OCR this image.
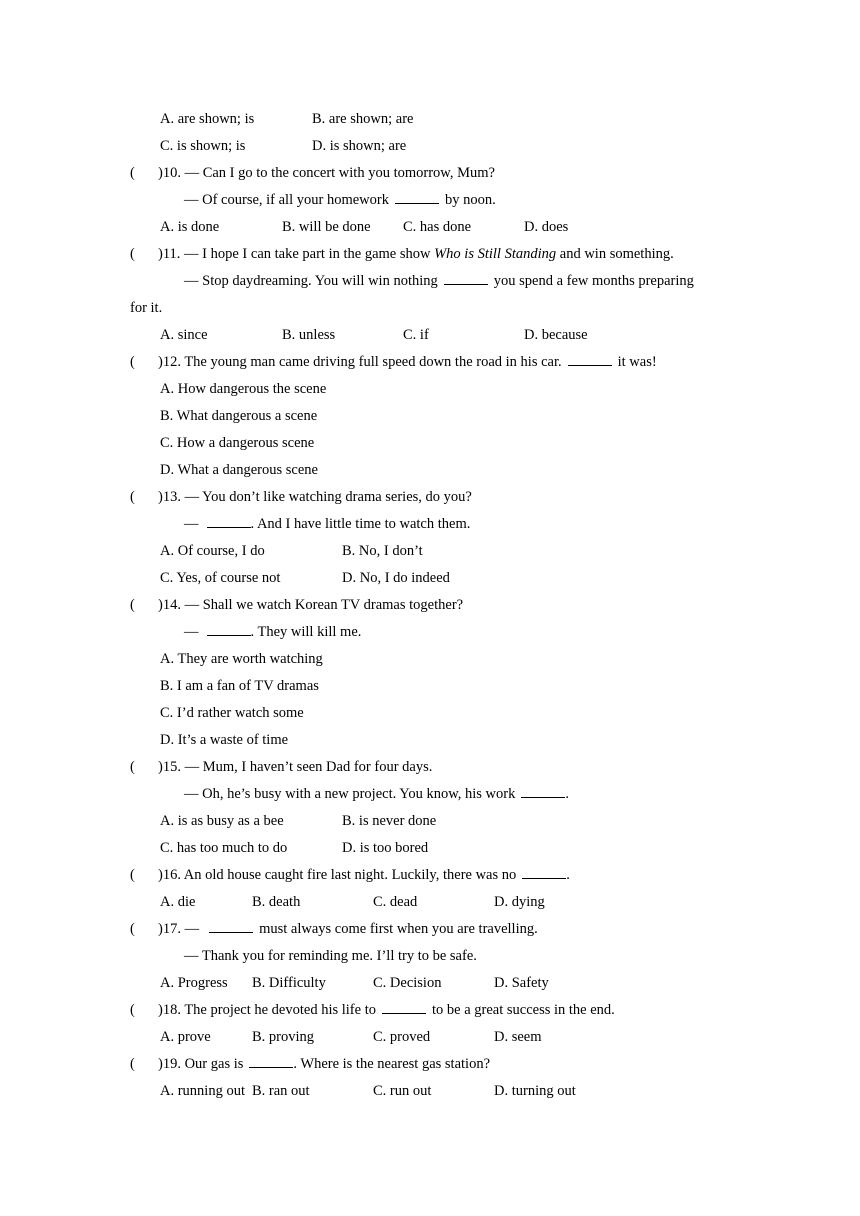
A. are shown; is	B. are shown; are
C. is shown; is	D. is shown; are
( )10. — Can I go to the concert with you tomorrow, Mum?
— Of course, if all your homework	by noon.
A. is done	B. will be done C. has done	D. does
( )11. — I hope I can take part in the game show Who is Still Standing and win something.
— Stop daydreaming. You will win nothing	you spend a few months preparing
for it.
A. since	B. unless	C. if	D. because
( )12. The young man came driving full speed down the road in his car.	it was!
A. How dangerous the scene
B. What dangerous a scene
C. How a dangerous scene
D. What a dangerous scene
( )13. — You don’t like watching drama series, do you?
—	. And I have little time to watch them.
A. Of course, I do	B. No, I don’t
C. Yes, of course not	D. No, I do indeed
( )14. — Shall we watch Korean TV dramas together?
—	. They will kill me.
A. They are worth watching
B. I am a fan of TV dramas
C. I’d rather watch some
D. It’s a waste of time
( )15. — Mum, I haven’t seen Dad for four days.
— Oh, he’s busy with a new project. You know, his work	.
A. is as busy as a bee	B. is never done
C. has too much to do	D. is too bored
( )16. An old house caught fire last night. Luckily, there was no	.
A. die	B. death	C. dead	D. dying
( )17. —	must always come first when you are travelling.
— Thank you for reminding me. I’ll try to be safe.
A. Progress B. Difficulty	C. Decision	D. Safety
( )18. The project he devoted his life to	to be a great success in the end.
A. prove	B. proving	C. proved	D. seem
( )19. Our gas is	. Where is the nearest gas station?
A. running out B. ran out	C. run out	D. turning out
